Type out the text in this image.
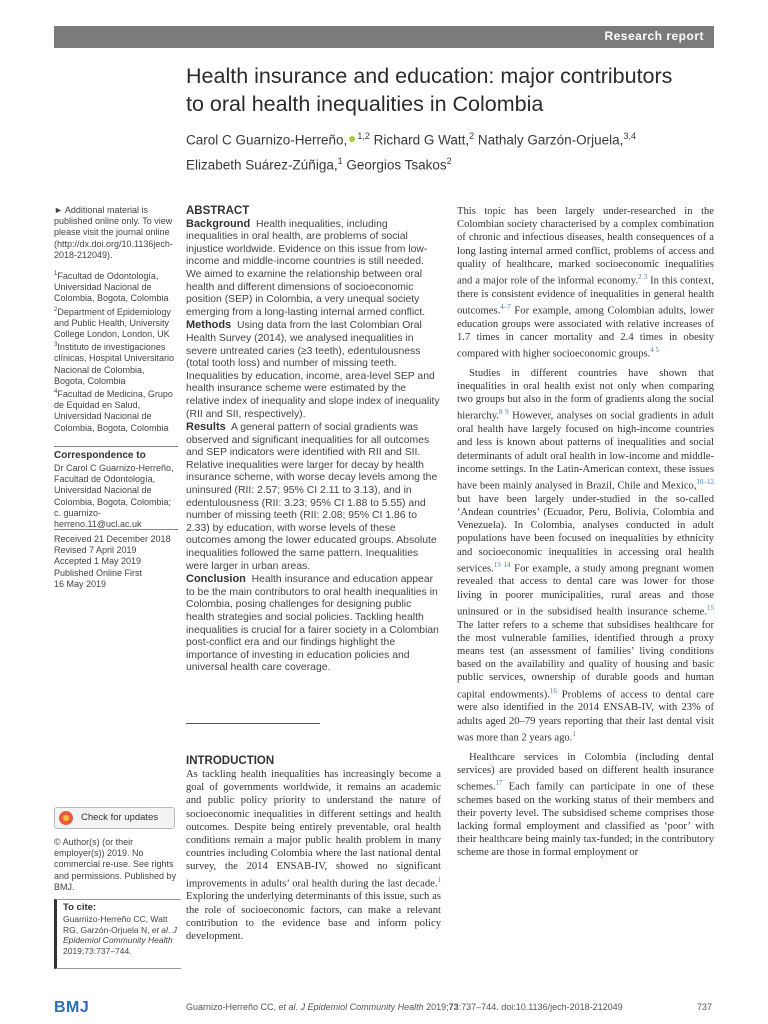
Research report
Health insurance and education: major contributors
to oral health inequalities in Colombia
Carol C Guarnizo-Herreño, $^{1,2}$ Richard G Watt,$^2$ Nathaly Garzón-Orjuela,$^{3,4}$
Elizabeth Suárez-Zúñiga,$^1$ Georgios Tsakos$^2$

► Additional material is published online only. To view please visit the journal online (http://dx.doi.org/10.1136jech-2018-212049).

$^1$Facultad de Odontología, Universidad Nacional de Colombia, Bogota, Colombia

$^2$Department of Epidemiology and Public Health, University College London, London, UK

$^3$Instituto de investigaciones clínicas, Hospital Universitario Nacional de Colombia, Bogota, Colombia

$^4$Facultad de Medicina, Grupo de Equidad en Salud, Universidad Nacional de Colombia, Bogota, Colombia

Correspondence to
Dr Carol C Guarnizo-Herreño, Facultad de Odontología, Universidad Nacional de Colombia, Bogota, Colombia; c. guarnizo-herreno.11@ucl.ac.uk
Received 21 December 2018
Revised 7 April 2019
Accepted 1 May 2019
Published Online First
16 May 2019
Check for updates
© Author(s) (or their employer(s)) 2019. No commercial re-use. See rights and permissions. Published by BMJ.
To cite:
Guarnizo-Herreño CC, Watt RG, Garzón-Orjuela N, et al. J Epidemiol Community Health 2019;73:737–744.

ABSTRACT

Background Health inequalities, including inequalities in oral health, are problems of social injustice worldwide. Evidence on this issue from low-income and middle-income countries is still needed. We aimed to examine the relationship between oral health and different dimensions of socioeconomic position (SEP) in Colombia, a very unequal society emerging from a long-lasting internal armed conflict.

Methods Using data from the last Colombian Oral Health Survey (2014), we analysed inequalities in severe untreated caries (≥3 teeth), edentulousness (total tooth loss) and number of missing teeth. Inequalities by education, income, area-level SEP and health insurance scheme were estimated by the relative index of inequality and slope index of inequality (RII and SII, respectively).

Results A general pattern of social gradients was observed and significant inequalities for all outcomes and SEP indicators were identified with RII and SII. Relative inequalities were larger for decay by health insurance scheme, with worse decay levels among the uninsured (RII: 2.57; 95% CI 2.11 to 3.13), and in edentulousness (RII: 3.23; 95% CI 1.88 to 5.55) and number of missing teeth (RII: 2.08; 95% CI 1.86 to 2.33) by education, with worse levels of these outcomes among the lower educated groups. Absolute inequalities followed the same pattern. Inequalities were larger in urban areas.

Conclusion Health insurance and education appear to be the main contributors to oral health inequalities in Colombia, posing challenges for designing public health strategies and social policies. Tackling health inequalities is crucial for a fairer society in a Colombian post-conflict era and our findings highlight the importance of investing in education policies and universal health care coverage.

INTRODUCTION

As tackling health inequalities has increasingly become a goal of governments worldwide, it remains an academic and public policy priority to understand the nature of socioeconomic inequalities in different settings and health outcomes. Despite being entirely preventable, oral health conditions remain a major public health problem in many countries including Colombia where the last national dental survey, the 2014 ENSAB-IV, showed no significant improvements in adults’ oral health during the last decade.$^1$ Exploring the underlying determinants of this issue, such as the role of socioeconomic factors, can make a relevant contribution to the evidence base and inform policy development.

This topic has been largely under-researched in the Colombian society characterised by a complex combination of chronic and infectious diseases, health consequences of a long lasting internal armed conflict, problems of access and quality of healthcare, marked socioeconomic inequalities and a major role of the informal economy.$^{2 3}$ In this context, there is consistent evidence of inequalities in general health outcomes.$^{4-7}$ For example, among Colombian adults, lower education groups were associated with relative increases of 1.7 times in cancer mortality and 2.4 times in obesity compared with higher socioeconomic groups.$^{4 5}$

Studies in different countries have shown that inequalities in oral health exist not only when comparing two groups but also in the form of gradients along the social hierarchy.$^{8 9}$ However, analyses on social gradients in adult oral health have largely focused on high-income countries and less is known about patterns of inequalities and social determinants of adult oral health in low-income and middle-income settings. In the Latin-American context, these issues have been mainly analysed in Brazil, Chile and Mexico,$^{10-12}$ but have been largely under-studied in the so-called ‘Andean countries’ (Ecuador, Peru, Bolivia, Colombia and Venezuela). In Colombia, analyses conducted in adult populations have been focused on inequalities by ethnicity and socioeconomic inequalities in accessing oral health services.$^{13 14}$ For example, a study among pregnant women revealed that access to dental care was lower for those living in poorer municipalities, rural areas and those uninsured or in the subsidised health insurance scheme.$^{15}$ The latter refers to a scheme that subsidises healthcare for the most vulnerable families, identified through a proxy means test (an assessment of families’ living conditions based on the availability and quality of housing and basic public services, ownership of durable goods and human capital endowments).$^{16}$ Problems of access to dental care were also identified in the 2014 ENSAB-IV, with 23% of adults aged 20–79 years reporting that their last dental visit was more than 2 years ago.$^1$

Healthcare services in Colombia (including dental services) are provided based on different health insurance schemes.$^{17}$ Each family can participate in one of these schemes based on the working status of their members and their poverty level. The subsidised scheme comprises those lacking formal employment and classified as ‘poor’ with their healthcare being mainly tax-funded; in the contributory scheme are those in formal employment or

BMJ	Guarnizo-Herreño CC, et al. J Epidemiol Community Health 2019;73:737–744. doi:10.1136/jech-2018-212049	737
